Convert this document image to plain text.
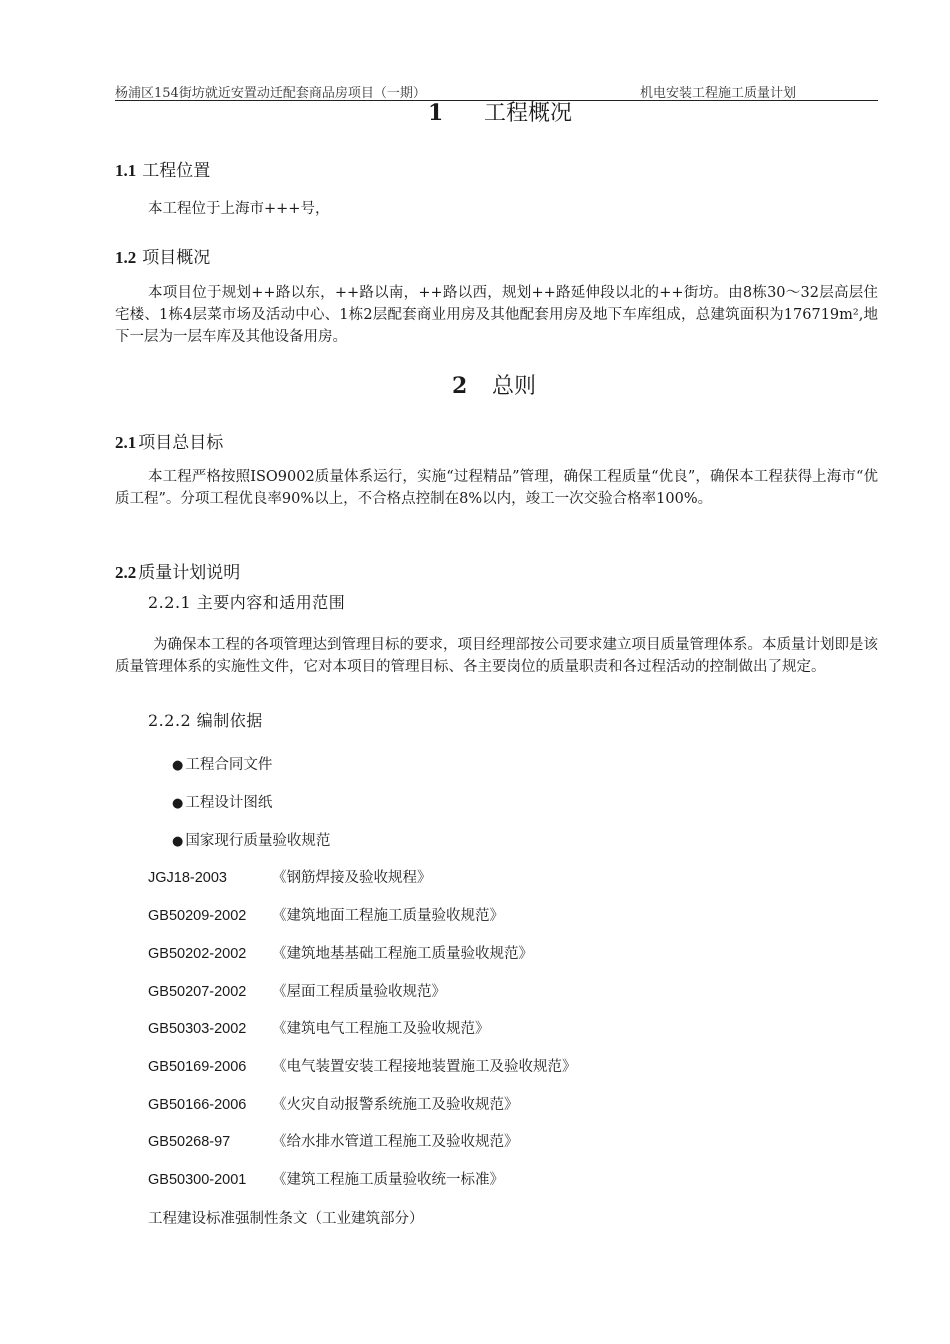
杨浦区154街坊就近安置动迁配套商品房项目（一期）	机电安装工程施工质量计划
1 工程概况
1.1 工程位置
本工程位于上海市+++号，
1.2 项目概况
本项目位于规划++路以东，++路以南，++路以西，规划++路延伸段以北的++街坊。由8栋30～32层高层住宅楼、1栋4层菜市场及活动中心、1栋2层配套商业用房及其他配套用房及地下车库组成，总建筑面积为176719m²,地下一层为一层车库及其他设备用房。
2 总则
2.1 项目总目标
本工程严格按照ISO9002质量体系运行，实施“过程精品”管理，确保工程质量“优良”，确保本工程获得上海市“优质工程”。分项工程优良率90%以上，不合格点控制在8%以内，竣工一次交验合格率100%。
2.2 质量计划说明
2.2.1 主要内容和适用范围
为确保本工程的各项管理达到管理目标的要求，项目经理部按公司要求建立项目质量管理体系。本质量计划即是该质量管理体系的实施性文件，它对本项目的管理目标、各主要岗位的质量职责和各过程活动的控制做出了规定。
2.2.2 编制依据
● 工程合同文件
● 工程设计图纸
● 国家现行质量验收规范
JGJ18-2003	《钢筋焊接及验收规程》
GB50209-2002 《建筑地面工程施工质量验收规范》
GB50202-2002 《建筑地基基础工程施工质量验收规范》
GB50207-2002 《屋面工程质量验收规范》
GB50303-2002 《建筑电气工程施工及验收规范》
GB50169-2006 《电气装置安装工程接地装置施工及验收规范》
GB50166-2006 《火灾自动报警系统施工及验收规范》
GB50268-97	《给水排水管道工程施工及验收规范》
GB50300-2001 《建筑工程施工质量验收统一标准》
工程建设标准强制性条文（工业建筑部分）
